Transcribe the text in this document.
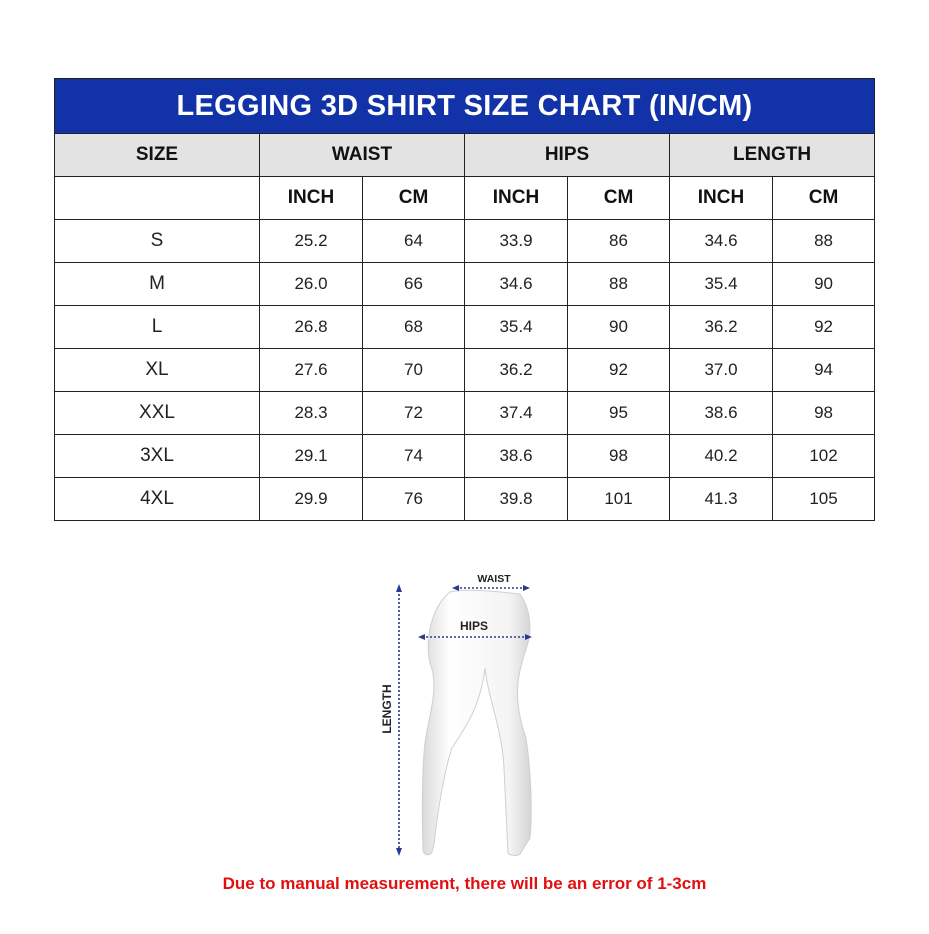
LEGGING 3D SHIRT SIZE CHART (IN/CM)						
SIZE	WAIST		HIPS		LENGTH	
	INCH	CM	INCH	CM	INCH	CM
S	25.2	64	33.9	86	34.6	88
M	26.0	66	34.6	88	35.4	90
L	26.8	68	35.4	90	36.2	92
XL	27.6	70	36.2	92	37.0	94
XXL	28.3	72	37.4	95	38.6	98
3XL	29.1	74	38.6	98	40.2	102
4XL	29.9	76	39.8	101	41.3	105
WAIST
HIPS
LENGTH
Due to manual measurement, there will be an error of 1-3cm
